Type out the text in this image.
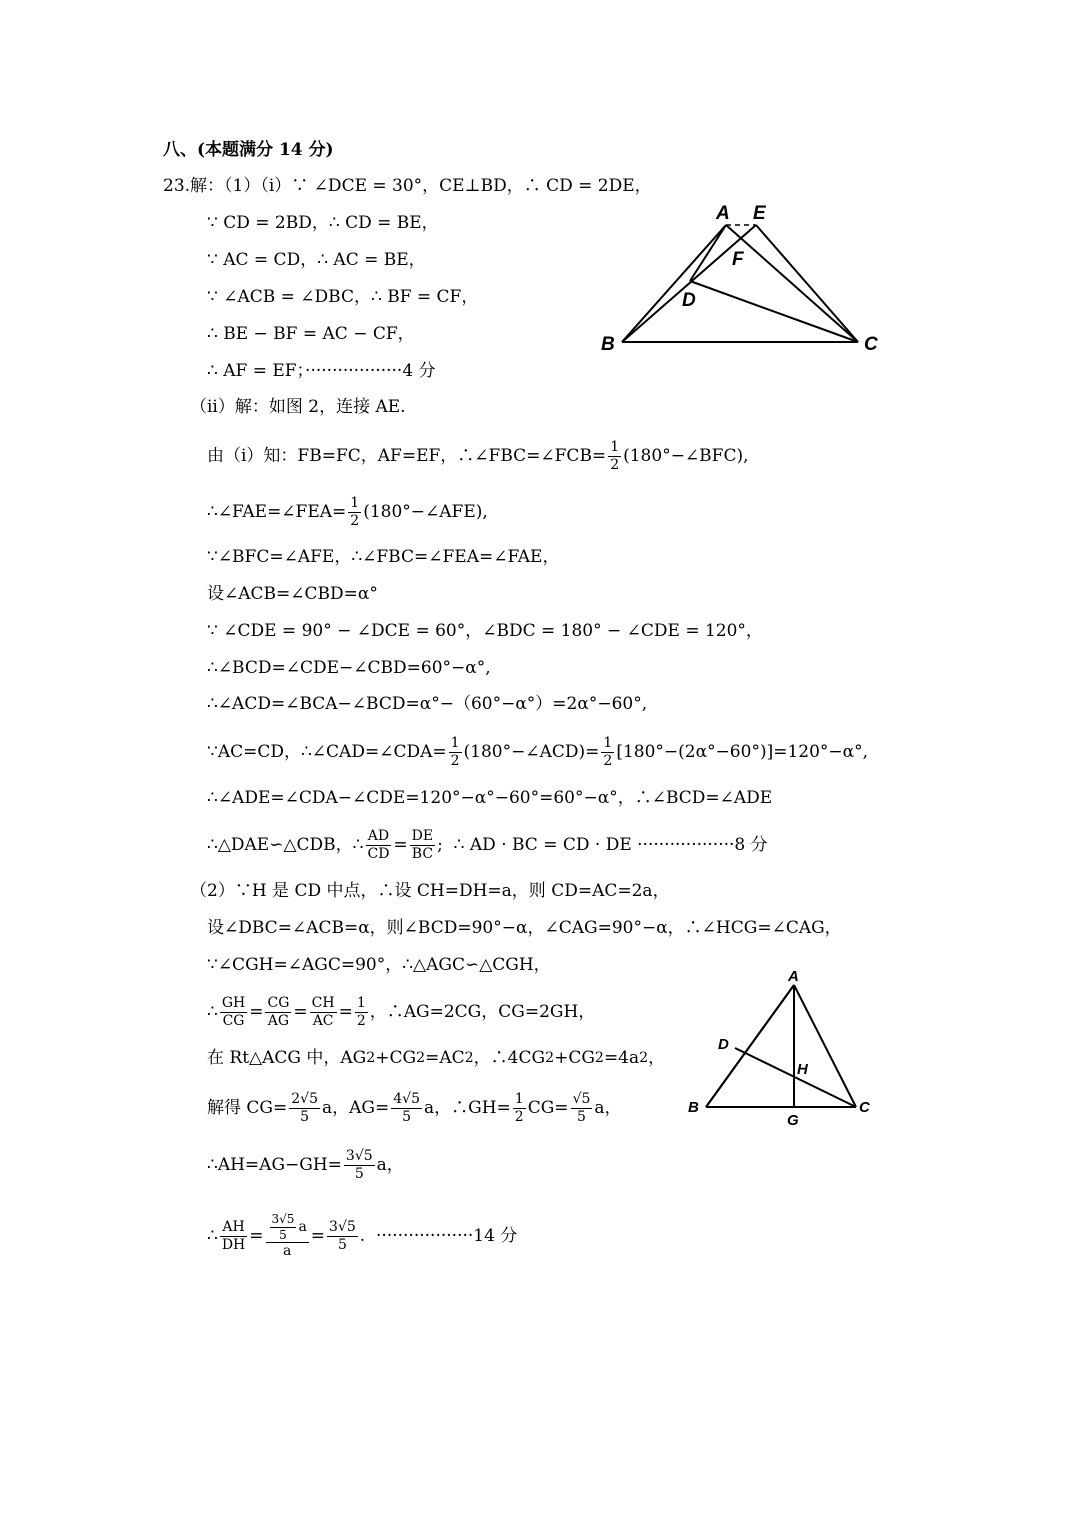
八、(本题满分 14 分)
23.解：（1）（i）∵ ∠DCE = 30°，CE⊥BD，∴ CD = 2DE，
∵ CD = 2BD，∴ CD = BE，
∵ AC = CD，∴ AC = BE，
∵ ∠ACB = ∠DBC，∴ BF = CF，
∴ BE − BF = AC − CF，
∴ AF = EF；··················4 分
（ii）解：如图 2，连接 AE.
由（i）知：FB=FC，AF=EF，∴∠FBC=∠FCB= $\frac{1}{2}$ (180°−∠BFC),
∴∠FAE=∠FEA= $\frac{1}{2}$ (180°−∠AFE),
∵∠BFC=∠AFE，∴∠FBC=∠FEA=∠FAE，
设∠ACB=∠CBD=α°
∵ ∠CDE = 90° − ∠DCE = 60°，∠BDC = 180° − ∠CDE = 120°，
∴∠BCD=∠CDE−∠CBD=60°−α°,
∴∠ACD=∠BCA−∠BCD=α°−（60°−α°）=2α°−60°,
∵AC=CD，∴∠CAD=∠CDA= $\frac{1}{2}$ (180°−∠ACD)= $\frac{1}{2} [180^\circ-(2\alpha^\circ-60^\circ)]=120^\circ-\alpha^\circ$,
∴∠ADE=∠CDA−∠CDE=120°−α°−60°=60°−α°，∴∠BCD=∠ADE
∴△DAE∽△CDB，∴ $\frac{AD}{CD} = \frac{DE}{BC}$ ;  ∴ AD · BC = CD · DE ··················8 分
（2）∵H 是 CD 中点，∴设 CH=DH=a，则 CD=AC=2a，
设∠DBC=∠ACB=α，则∠BCD=90°−α，∠CAG=90°−α，∴∠HCG=∠CAG，
∵∠CGH=∠AGC=90°，∴△AGC∽△CGH，
∴ $\frac{GH}{CG} = \frac{CG}{AG} = \frac{CH}{AC} = \frac{1}{2}$ ，∴AG=2CG，CG=2GH，
在 Rt△ACG 中，AG 2 +CG 2 =AC 2 ，∴4CG 2 +CG 2 =4a 2 ，
解得 $CG= \frac{2√5}{5}$ a，$AG= \frac{4√5}{5}$ a，∴GH= $\frac{1}{2} CG= \frac{√5}{5}$ a，
∴AH=AG−GH= $\frac{3√5}{5}$ a，
∴ $\frac{AH}{DH} = \frac{\frac{3√5}{5} a}{a} = \frac{3√5}{5}$ .  ··················14 分
A E
F
D
B	C
A
D
H
B
G
C
